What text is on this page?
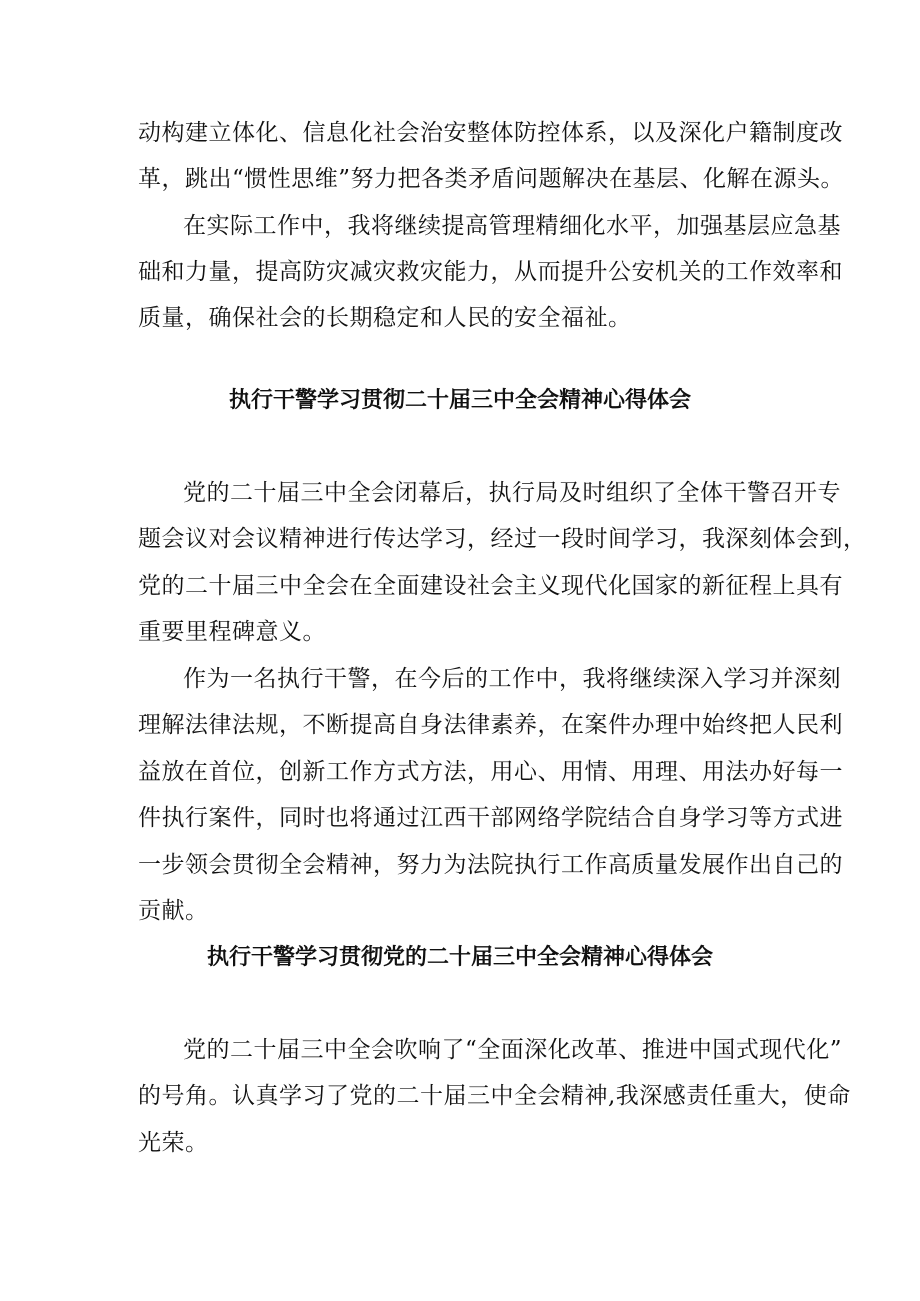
动构建立体化、信息化社会治安整体防控体系，以及深化户籍制度改
革，跳出“惯性思维”努力把各类矛盾问题解决在基层、化解在源头。
在实际工作中，我将继续提高管理精细化水平，加强基层应急基
础和力量，提高防灾减灾救灾能力，从而提升公安机关的工作效率和
质量，确保社会的长期稳定和人民的安全福祉。
执行干警学习贯彻二十届三中全会精神心得体会
党的二十届三中全会闭幕后，执行局及时组织了全体干警召开专
题会议对会议精神进行传达学习，经过一段时间学习，我深刻体会到，
党的二十届三中全会在全面建设社会主义现代化国家的新征程上具有
重要里程碑意义。
作为一名执行干警，在今后的工作中，我将继续深入学习并深刻
理解法律法规，不断提高自身法律素养，在案件办理中始终把人民利
益放在首位，创新工作方式方法，用心、用情、用理、用法办好每一
件执行案件，同时也将通过江西干部网络学院结合自身学习等方式进
一步领会贯彻全会精神，努力为法院执行工作高质量发展作出自己的
贡献。
执行干警学习贯彻党的二十届三中全会精神心得体会
党的二十届三中全会吹响了“全面深化改革、推进中国式现代化”
的号角。认真学习了党的二十届三中全会精神,我深感责任重大，使命
光荣。
